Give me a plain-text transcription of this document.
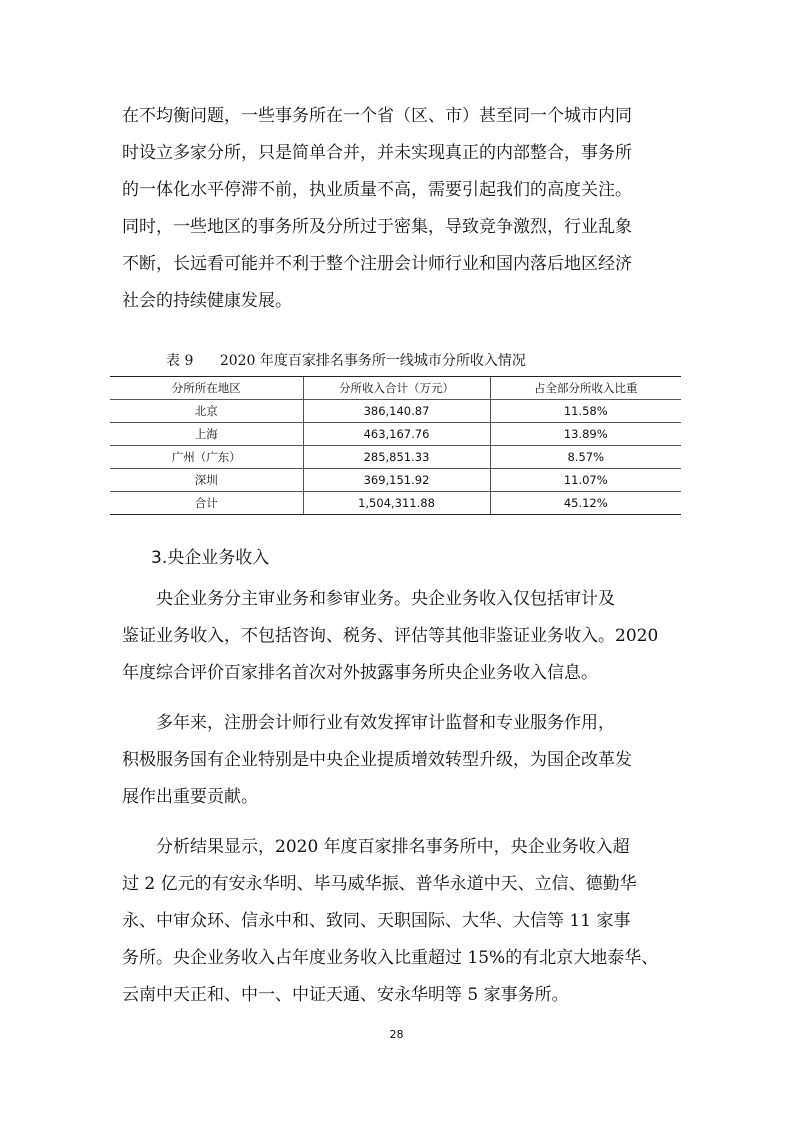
在不均衡问题，一些事务所在一个省（区、市）甚至同一个城市内同
时设立多家分所，只是简单合并，并未实现真正的内部整合，事务所
的一体化水平停滞不前，执业质量不高，需要引起我们的高度关注。
同时，一些地区的事务所及分所过于密集，导致竞争激烈，行业乱象
不断，长远看可能并不利于整个注册会计师行业和国内落后地区经济
社会的持续健康发展。
表 9 2020 年度百家排名事务所一线城市分所收入情况
分所所在地区	分所收入合计（万元）	占全部分所收入比重
北京	386,140.87	11.58%
上海	463,167.76	13.89%
广州（广东）	285,851.33	8.57%
深圳	369,151.92	11.07%
合计	1,504,311.88	45.12%
3.央企业务收入
　　央企业务分主审业务和参审业务。央企业务收入仅包括审计及
鉴证业务收入，不包括咨询、税务、评估等其他非鉴证业务收入。2020
年度综合评价百家排名首次对外披露事务所央企业务收入信息。
　　多年来，注册会计师行业有效发挥审计监督和专业服务作用，
积极服务国有企业特别是中央企业提质增效转型升级，为国企改革发
展作出重要贡献。
　　分析结果显示，2020 年度百家排名事务所中，央企业务收入超
过 2 亿元的有安永华明、毕马威华振、普华永道中天、立信、德勤华
永、中审众环、信永中和、致同、天职国际、大华、大信等 11 家事
务所。央企业务收入占年度业务收入比重超过 15%的有北京大地泰华、
云南中天正和、中一、中证天通、安永华明等 5 家事务所。
28
